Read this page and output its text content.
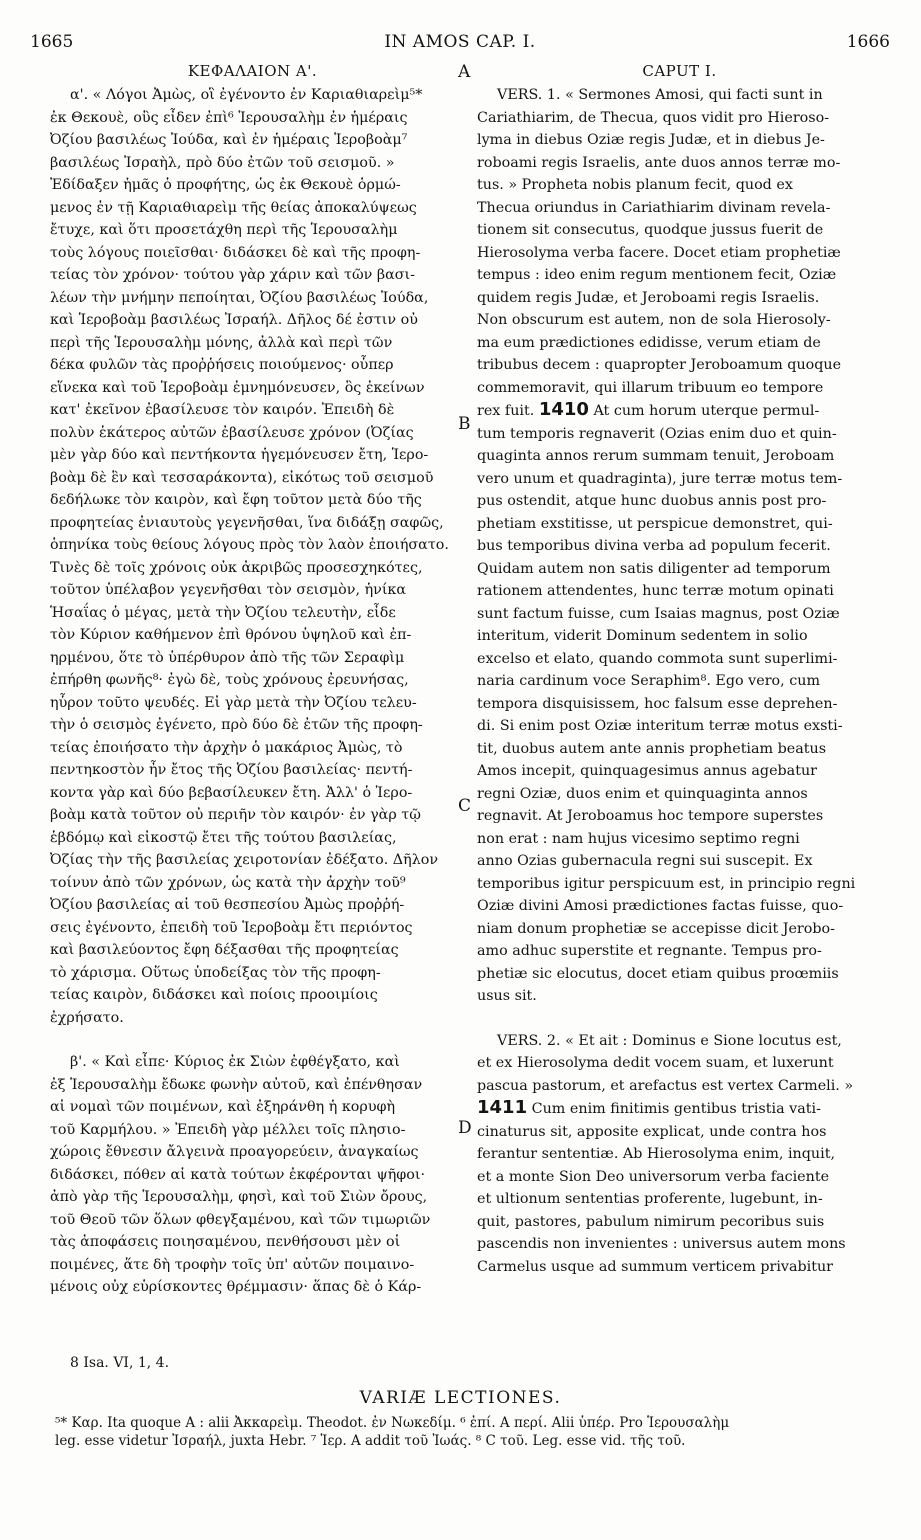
1665	IN AMOS CAP. I.	1666
ΚΕΦΑΛΑΙΟΝ Α'.
α'. « Λόγοι Ἀμὼς, οἳ ἐγένοντο ἐν Καριαθιαρεὶμ⁵*
ἐκ Θεκουὲ, οὓς εἶδεν ἐπὶ⁶ Ἱερουσαλὴμ ἐν ἡμέραις
Ὀζίου βασιλέως Ἰούδα, καὶ ἐν ἡμέραις Ἱεροβοὰμ⁷
βασιλέως Ἰσραὴλ, πρὸ δύο ἐτῶν τοῦ σεισμοῦ. »
Ἐδίδαξεν ἡμᾶς ὁ προφήτης, ὡς ἐκ Θεκουὲ ὁρμώ-
μενος ἐν τῇ Καριαθιαρεὶμ τῆς θείας ἀποκαλύψεως
ἔτυχε, καὶ ὅτι προσετάχθη περὶ τῆς Ἱερουσαλὴμ
τοὺς λόγους ποιεῖσθαι· διδάσκει δὲ καὶ τῆς προφη-
τείας τὸν χρόνον· τούτου γὰρ χάριν καὶ τῶν βασι-
λέων τὴν μνήμην πεποίηται, Ὀζίου βασιλέως Ἰούδα,
καὶ Ἱεροβοὰμ βασιλέως Ἰσραήλ. Δῆλος δέ ἐστιν οὐ
περὶ τῆς Ἱερουσαλὴμ μόνης, ἀλλὰ καὶ περὶ τῶν
δέκα φυλῶν τὰς προῤῥήσεις ποιούμενος· οὗπερ
εἵνεκα καὶ τοῦ Ἱεροβοὰμ ἐμνημόνευσεν, ὃς ἐκείνων
κατ' ἐκεῖνον ἐβασίλευσε τὸν καιρόν. Ἐπειδὴ δὲ
πολὺν ἑκάτερος αὐτῶν ἐβασίλευσε χρόνον (Ὀζίας
μὲν γὰρ δύο καὶ πεντήκοντα ἡγεμόνευσεν ἔτη, Ἱερο-
βοὰμ δὲ ἓν καὶ τεσσαράκοντα), εἰκότως τοῦ σεισμοῦ
δεδήλωκε τὸν καιρὸν, καὶ ἔφη τοῦτον μετὰ δύο τῆς
προφητείας ἐνιαυτοὺς γεγενῆσθαι, ἵνα διδάξῃ σαφῶς,
ὁπηνίκα τοὺς θείους λόγους πρὸς τὸν λαὸν ἐποιήσατο.
Τινὲς δὲ τοῖς χρόνοις οὐκ ἀκριβῶς προσεσχηκότες,
τοῦτον ὑπέλαβον γεγενῆσθαι τὸν σεισμὸν, ἡνίκα
Ἡσαΐας ὁ μέγας, μετὰ τὴν Ὀζίου τελευτὴν, εἶδε
τὸν Κύριον καθήμενον ἐπὶ θρόνου ὑψηλοῦ καὶ ἐπ-
ηρμένου, ὅτε τὸ ὑπέρθυρον ἀπὸ τῆς τῶν Σεραφὶμ
ἐπήρθη φωνῆς⁸· ἐγὼ δὲ, τοὺς χρόνους ἐρευνήσας,
ηὗρον τοῦτο ψευδές. Εἰ γὰρ μετὰ τὴν Ὀζίου τελευ-
τὴν ὁ σεισμὸς ἐγένετο, πρὸ δύο δὲ ἐτῶν τῆς προφη-
τείας ἐποιήσατο τὴν ἀρχὴν ὁ μακάριος Ἀμὼς, τὸ
πεντηκοστὸν ἦν ἔτος τῆς Ὀζίου βασιλείας· πεντή-
κοντα γὰρ καὶ δύο βεβασίλευκεν ἔτη. Ἀλλ' ὁ Ἱερο-
βοὰμ κατὰ τοῦτον οὐ περιῆν τὸν καιρόν· ἐν γὰρ τῷ
ἑβδόμῳ καὶ εἰκοστῷ ἔτει τῆς τούτου βασιλείας,
Ὀζίας τὴν τῆς βασιλείας χειροτονίαν ἐδέξατο. Δῆλον
τοίνυν ἀπὸ τῶν χρόνων, ὡς κατὰ τὴν ἀρχὴν τοῦ⁹
Ὀζίου βασιλείας αἱ τοῦ θεσπεσίου Ἀμὼς προῤῥή-
σεις ἐγένοντο, ἐπειδὴ τοῦ Ἱεροβοὰμ ἔτι περιόντος
καὶ βασιλεύοντος ἔφη δέξασθαι τῆς προφητείας
τὸ χάρισμα. Οὕτως ὑποδείξας τὸν τῆς προφη-
τείας καιρὸν, διδάσκει καὶ ποίοις προοιμίοις
ἐχρήσατο.
β'. « Καὶ εἶπε· Κύριος ἐκ Σιὼν ἐφθέγξατο, καὶ
ἐξ Ἱερουσαλὴμ ἔδωκε φωνὴν αὐτοῦ, καὶ ἐπένθησαν
αἱ νομαὶ τῶν ποιμένων, καὶ ἐξηράνθη ἡ κορυφὴ
τοῦ Καρμήλου. » Ἐπειδὴ γὰρ μέλλει τοῖς πλησιο-
χώροις ἔθνεσιν ἄλγεινὰ προαγορεύειν, ἀναγκαίως
διδάσκει, πόθεν αἱ κατὰ τούτων ἐκφέρονται ψῆφοι·
ἀπὸ γὰρ τῆς Ἱερουσαλὴμ, φησὶ, καὶ τοῦ Σιὼν ὄρους,
τοῦ Θεοῦ τῶν ὅλων φθεγξαμένου, καὶ τῶν τιμωριῶν
τὰς ἀποφάσεις ποιησαμένου, πενθήσουσι μὲν οἱ
ποιμένες, ἅτε δὴ τροφὴν τοῖς ὑπ' αὐτῶν ποιμαινο-
μένοις οὐχ εὑρίσκοντες θρέμμασιν· ἅπας δὲ ὁ Κάρ-
CAPUT I.
VERS. 1. « Sermones Amosi, qui facti sunt in
Cariathiarim, de Thecua, quos vidit pro Hieroso-
lyma in diebus Oziæ regis Judæ, et in diebus Je-
roboami regis Israelis, ante duos annos terræ mo-
tus. » Propheta nobis planum fecit, quod ex
Thecua oriundus in Cariathiarim divinam revela-
tionem sit consecutus, quodque jussus fuerit de
Hierosolyma verba facere. Docet etiam prophetiæ
tempus : ideo enim regum mentionem fecit, Oziæ
quidem regis Judæ, et Jeroboami regis Israelis.
Non obscurum est autem, non de sola Hierosoly-
ma eum prædictiones edidisse, verum etiam de
tribubus decem : quapropter Jeroboamum quoque
commemoravit, qui illarum tribuum eo tempore
rex fuit. 1410 At cum horum uterque permul-
tum temporis regnaverit (Ozias enim duo et quin-
quaginta annos rerum summam tenuit, Jeroboam
vero unum et quadraginta), jure terræ motus tem-
pus ostendit, atque hunc duobus annis post pro-
phetiam exstitisse, ut perspicue demonstret, qui-
bus temporibus divina verba ad populum fecerit.
Quidam autem non satis diligenter ad temporum
rationem attendentes, hunc terræ motum opinati
sunt factum fuisse, cum Isaias magnus, post Oziæ
interitum, viderit Dominum sedentem in solio
excelso et elato, quando commota sunt superlimi-
naria cardinum voce Seraphim⁸. Ego vero, cum
tempora disquisissem, hoc falsum esse deprehen-
di. Si enim post Oziæ interitum terræ motus exsti-
tit, duobus autem ante annis prophetiam beatus
Amos incepit, quinquagesimus annus agebatur
regni Oziæ, duos enim et quinquaginta annos
regnavit. At Jeroboamus hoc tempore superstes
non erat : nam hujus vicesimo septimo regni
anno Ozias gubernacula regni sui suscepit. Ex
temporibus igitur perspicuum est, in principio regni
Oziæ divini Amosi prædictiones factas fuisse, quo-
niam donum prophetiæ se accepisse dicit Jerobo-
amo adhuc superstite et regnante. Tempus pro-
phetiæ sic elocutus, docet etiam quibus proœmiis
usus sit.
VERS. 2. « Et ait : Dominus e Sione locutus est,
et ex Hierosolyma dedit vocem suam, et luxerunt
pascua pastorum, et arefactus est vertex Carmeli. »
1411 Cum enim finitimis gentibus tristia vati-
cinaturus sit, apposite explicat, unde contra hos
ferantur sententiæ. Ab Hierosolyma enim, inquit,
et a monte Sion Deo universorum verba faciente
et ultionum sententias proferente, lugebunt, in-
quit, pastores, pabulum nimirum pecoribus suis
pascendis non invenientes : universus autem mons
Carmelus usque ad summum verticem privabitur
A
B
C
D
8 Isa. VI, 1, 4.
VARIÆ LECTIONES.
⁵* Καρ. Ita quoque A : alii Ἀκκαρεὶμ. Theodot. ἐν Νωκεδίμ. ⁶ ἐπί. A περί. Alii ὑπέρ. Pro Ἱερουσαλὴμ
leg. esse videtur Ἰσραήλ, juxta Hebr. ⁷ Ἱερ. A addit τοῦ Ἰωάς. ⁸ C τοῦ. Leg. esse vid. τῆς τοῦ.
